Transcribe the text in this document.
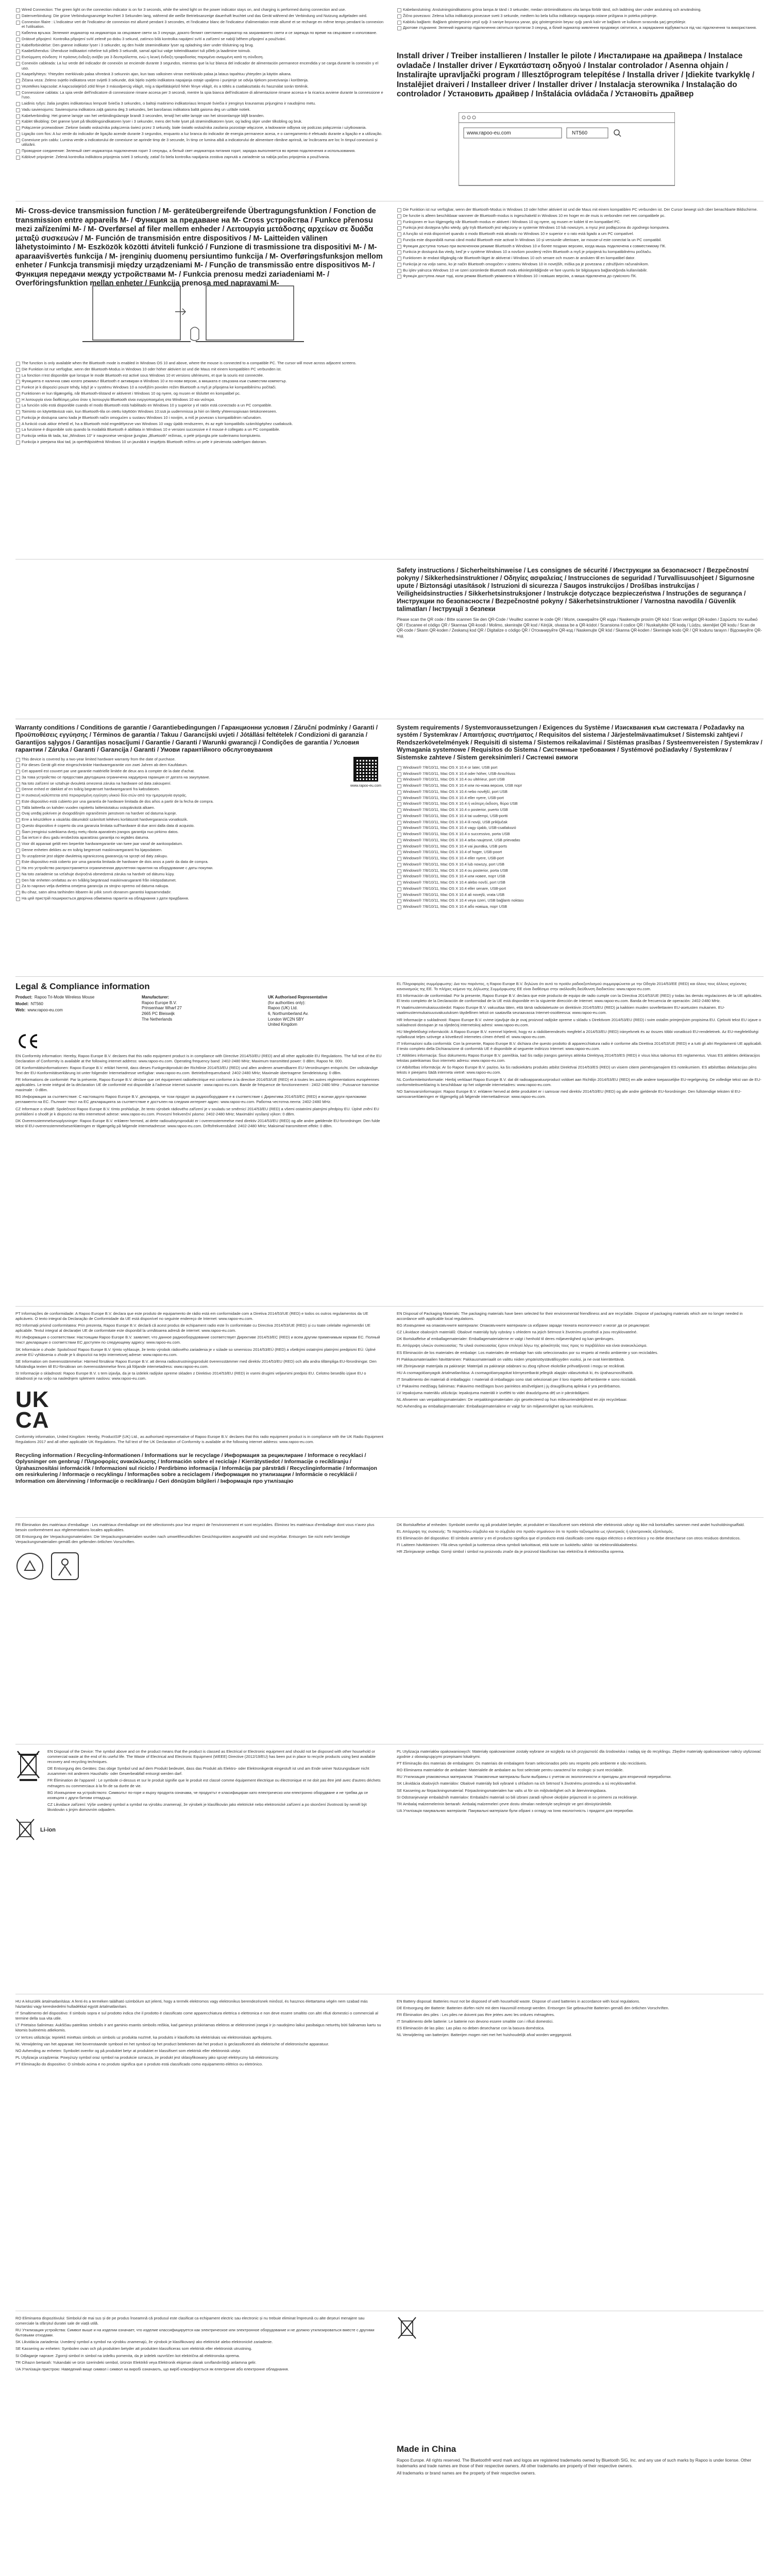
Wired Connection: The green light on the connection indicator is on for 3 seconds, while the wired light on the power indicator stays on, and charging is performed during connection and use.
Datenverbindung: Die grüne Verbindungsanzeige leuchtet 3 Sekunden lang, während die weiße Betriebsanzeige dauerhaft leuchtet und das Gerät während der Verbindung und Nutzung aufgeladen wird.
Connexion filaire : L'indicateur vert de l'indicateur de connexion est allumé pendant 3 secondes, et l'indicateur blanc de l'indicateur d'alimentation reste allumé et se recharge en même temps pendant la connexion et l'utilisation.
Кабелна връзка: Зеленият индикатор на индикатора за свързване свети за 3 секунди, докато белият светлинен индикатор на захранването свети и се зарежда по време на свързване и използване.
Drátové připojení: Kontrolka připojení svítí zeleně po dobu 3 sekund, zatímco bílá kontrolka napájení svítí a zařízení se nabíjí během připojení a používání.
Kabelforbindelse: Den grønne indikator lyser i 3 sekunder, og den hvide strømindikator lyser og opladning sker under tilslutning og brug.
Kaabelühendus: Ühenduse indikaatori roheline tuli põleb 3 sekundit, samal ajal kui valge toiteindikaatori tuli põleb ja laadimine toimub.
Ενσύρματη σύνδεση: Η πράσινη ένδειξη ανάβει για 3 δευτερόλεπτα, ενώ η λευκή ένδειξη τροφοδοσίας παραμένει αναμμένη κατά τη σύνδεση.
Conexión cableada: La luz verde del indicador de conexión se enciende durante 3 segundos, mientras que la luz blanca del indicador de alimentación permanece encendida y se carga durante la conexión y el uso.
Kaapeliyhteys: Yhteyden merkkivalo palaa vihreänä 3 sekunnin ajan, kun taas valkoinen virran merkkivalo palaa ja lataus tapahtuu yhteyden ja käytön aikana.
Žičana veza: Zeleno svjetlo indikatora veze svijetli 3 sekunde, dok bijelo svjetlo indikatora napajanja ostaje upaljeno i punjenje se odvija tijekom povezivanja i korištenja.
Vezetékes kapcsolat: A kapcsolatjelző zöld fénye 3 másodpercig világít, míg a tápellátásjelző fehér fénye világít, és a töltés a csatlakoztatás és használat során történik.
Connessione cablata: La spia verde dell'indicatore di connessione rimane accesa per 3 secondi, mentre la spia bianca dell'indicatore di alimentazione rimane accesa e la ricarica avviene durante la connessione e l'uso.
Laidinis ryšys: žalia jungties indikatoriaus lemputė šviečia 3 sekundes, o baltoji maitinimo indikatoriaus lemputė šviečia ir įrenginys kraunamas prijungimo ir naudojimo metu.
Vadu savienojums: Savienojuma indikatora zaļā gaisma deg 3 sekundes, bet barošanas indikatora baltā gaisma deg un uzlāde notiek.
Kabelverbinding: Het groene lampje van het verbindingslampje brandt 3 seconden, terwijl het witte lampje van het stroomlampje blijft branden.
Kablet tilkobling: Det grønne lyset på tilkoblingsindikatoren lyser i 3 sekunder, mens det hvite lyset på strømindikatoren lyser, og lading skjer under tilkobling og bruk.
Połączenie przewodowe: Zielone światło wskaźnika połączenia świeci przez 3 sekundy, białe światło wskaźnika zasilania pozostaje włączone, a ładowanie odbywa się podczas połączenia i użytkowania.
Ligação com fios: A luz verde do indicador de ligação acende durante 3 segundos, enquanto a luz branca do indicador de energia permanece acesa, e o carregamento é efetuado durante a ligação e a utilização.
Conexiune prin cablu: Lumina verde a indicatorului de conexiune se aprinde timp de 3 secunde, în timp ce lumina albă a indicatorului de alimentare rămâne aprinsă, iar încărcarea are loc în timpul conexiunii și utilizării.
Проводное соединение: Зеленый свет индикатора подключения горит 3 секунды, а белый свет индикатора питания горит, зарядка выполняется во время подключения и использования.
Káblové pripojenie: Zelená kontrolka indikátora pripojenia svieti 3 sekundy, zatiaľ čo biela kontrolka napájania zostáva zapnutá a zariadenie sa nabíja počas pripojenia a používania.
Kabelanslutning: Anslutningsindikatorns gröna lampa är tänd i 3 sekunder, medan strömindikatorns vita lampa förblir tänd, och laddning sker under anslutning och användning.
Žično povezavo: Zelena lučka indikatorja povezave sveti 3 sekunde, medtem ko bela lučka indikatorja napajanja ostane prižgana in poteka polnjenje.
Kablolu bağlantı: Bağlantı göstergesinin yeşil ışığı 3 saniye boyunca yanar, güç göstergesinin beyaz ışığı yanık kalır ve bağlantı ve kullanım sırasında şarj gerçekleşir.
Дротове з'єднання: Зелений індикатор підключення світиться протягом 3 секунд, а білий індикатор живлення продовжує світитися, а заряджання відбувається під час підключення та використання.
Install driver / Treiber installieren / Installer le pilote / Инсталиране на драйвера / Instalace ovladače / Installer driver / Εγκατάσταση οδηγού / Instalar controlador / Asenna ohjain / Instalirajte upravljački program / Illesztőprogram telepítése / Installa driver / Įdiekite tvarkyklę / Instalējiet draiveri / Installeer driver / Installer driver / Instalacja sterownika / Instalação do controlador / Установить драйвер / Inštalácia ovládača / Установіть драйвер
www.rapoo-eu.com	NT560
Mi- Cross-device transmission function / M- geräteübergreifende Übertragungsfunktion / Fonction de transmission entre appareils M- / Функция за предаване на M- Cross устройства / Funkce přenosu mezi zařízeními M- / M- Overførsel af filer mellem enheder / Λειτουργία μετάδοσης αρχείων σε δυάδα μεταξύ συσκευών / M- Función de transmisión entre dispositivos / M- Laitteiden välinen lähetystoiminto / M- Eszközök közötti átviteli funkció / Funzione di trasmissione tra dispositivi M- / M- aparaavišvertės funkcija / M- įrenginių duomenų persiuntimo funkcija / M- Overføringsfunksjon mellom enheter / Funkcja transmisji między urządzeniami M- / Função de transmissão entre dispositivos M- / Функция передачи между устройствами M- / Funkcia prenosu medzi zariadeniami M- / Overföringsfunktion mellan enheter / Funkcija prenosa med napravami M-
The function is only available when the Bluetooth mode is enabled in Windows OS 10 and above, where the mouse is connected to a compatible PC. The cursor will move across adjacent screens.
Die Funktion ist nur verfügbar, wenn der Bluetooth-Modus in Windows 10 oder höher aktiviert ist und die Maus mit einem kompatiblen PC verbunden ist.
La fonction n'est disponible que lorsque le mode Bluetooth est activé sous Windows 10 et versions ultérieures, et que la souris est connectée.
Функцията е налична само когато режимът Bluetooth е активиран в Windows 10 и по-нови версии, а мишката е свързана към съвместим компютър.
Funkce je k dispozici pouze tehdy, když je v systému Windows 10 a novějším povolen režim Bluetooth a myš je připojena ke kompatibilnímu počítači.
Funktionen er kun tilgængelig, når Bluetooth-tilstand er aktiveret i Windows 10 og nyere, og musen er tilsluttet en kompatibel pc.
Η λειτουργία είναι διαθέσιμη μόνο όταν η λειτουργία Bluetooth είναι ενεργοποιημένη στα Windows 10 και νεότερα.
La función sólo está disponible cuando el modo Bluetooth está habilitado en Windows 10 y superior y el ratón está conectado a un PC compatible.
Toiminto on käytettävissä vain, kun Bluetooth-tila on otettu käyttöön Windows 10:ssä ja uudemmissa ja hiiri on liitetty yhteensopivaan tietokoneeseen.
Funkcija je dostupna samo kada je Bluetooth način omogućen u sustavu Windows 10 i novijim, a miš je povezan s kompatibilnim računalom.
A funkció csak akkor érhető el, ha a Bluetooth mód engedélyezve van Windows 10 vagy újabb rendszeren, és az egér kompatibilis számítógéphez csatlakozik.
La funzione è disponibile solo quando la modalità Bluetooth è abilitata in Windows 10 e versioni successive e il mouse è collegato a un PC compatibile.
Funkcija veikia tik tada, kai „Windows 10“ ir naujesnėse versijose įjungtas „Bluetooth“ režimas, o pelė prijungta prie suderinamo kompiuterio.
Funkcija ir pieejama tikai tad, ja operētājsistēmā Windows 10 un jaunākā ir iespējots Bluetooth režīms un pele ir pievienota saderīgam datoram.
Die Funktion ist nur verfügbar, wenn der Bluetooth-Modus in Windows 10 oder höher aktiviert ist und die Maus mit einem kompatiblen PC verbunden ist. Der Cursor bewegt sich über benachbarte Bildschirme.
De functie is alleen beschikbaar wanneer de Bluetooth-modus is ingeschakeld in Windows 10 en hoger en de muis is verbonden met een compatibele pc.
Funksjonen er kun tilgjengelig når Bluetooth-modus er aktivert i Windows 10 og nyere, og musen er koblet til en kompatibel PC.
Funkcja jest dostępna tylko wtedy, gdy tryb Bluetooth jest włączony w systemie Windows 10 lub nowszym, a mysz jest podłączona do zgodnego komputera.
A função só está disponível quando o modo Bluetooth está ativado no Windows 10 e superior e o rato está ligado a um PC compatível.
Funcția este disponibilă numai când modul Bluetooth este activat în Windows 10 și versiunile ulterioare, iar mouse-ul este conectat la un PC compatibil.
Функция доступна только при включенном режиме Bluetooth в Windows 10 и более поздних версиях, когда мышь подключена к совместимому ПК.
Funkcia je dostupná iba vtedy, keď je v systéme Windows 10 a novšom povolený režim Bluetooth a myš je pripojená ku kompatibilnému počítaču.
Funktionen är endast tillgänglig när Bluetooth-läget är aktiverat i Windows 10 och senare och musen är ansluten till en kompatibel dator.
Funkcija je na voljo samo, ko je način Bluetooth omogočen v sistemu Windows 10 in novejših, miška pa je povezana z združljivim računalnikom.
Bu işlev yalnızca Windows 10 ve üzeri sürümlerde Bluetooth modu etkinleştirildiğinde ve fare uyumlu bir bilgisayara bağlandığında kullanılabilir.
Функція доступна лише тоді, коли режим Bluetooth увімкнено в Windows 10 і новіших версіях, а миша підключена до сумісного ПК.
Safety instructions / Sicherheitshinweise / Les consignes de sécurité / Инструкции за безопасност / Bezpečnostní pokyny / Sikkerhedsinstruktioner / Οδηγίες ασφαλείας / Instrucciones de seguridad / Turvallisuusohjeet / Sigurnosne upute / Biztonsági utasítások / Istruzioni di sicurezza / Saugos instrukcijos / Drošības instrukcijas / Veiligheidsinstructies / Sikkerhetsinstruksjoner / Instrukcje dotyczące bezpieczeństwa / Instruções de segurança / Инструкции по безопасности / Bezpečnostné pokyny / Säkerhetsinstruktioner / Varnostna navodila / Güvenlik talimatları / Інструкції з безпеки
Please scan the QR code / Bitte scannen Sie den QR-Code / Veuillez scanner le code QR / Моля, сканирайте QR кода / Naskenujte prosím QR kód / Scan venligst QR-koden / Σαρώστε τον κωδικό QR / Escanee el código QR / Skannaa QR-koodi / Molimo, skenirajte QR kod / Kérjük, olvassa be a QR-kódot / Scansiona il codice QR / Nuskaitykite QR kodą / Lūdzu, skenējiet QR kodu / Scan de QR-code / Skann QR-koden / Zeskanuj kod QR / Digitalize o código QR / Отсканируйте QR-код / Naskenujte QR kód / Skanna QR-koden / Skenirajte kodo QR / QR kodunu tarayın / Відскануйте QR-код
Warranty conditions / Conditions de garantie / Garantiebedingungen / Гаранционни условия / Záruční podmínky / Garanti / Προϋποθέσεις εγγύησης / Términos de garantía / Takuu / Garancijski uvjeti / Jótállási feltételek / Condizioni di garanzia / Garantijos sąlygos / Garantijas nosacījumi / Garantie / Garanti / Warunki gwarancji / Condições de garantia / Условия гарантии / Záruka / Garanti / Garancija / Garanti / Умови гарантійного обслуговування
This device is covered by a two-year limited hardware warranty from the date of purchase.
Für dieses Gerät gilt eine eingeschränkte Hardwaregarantie von zwei Jahren ab dem Kaufdatum.
Cet appareil est couvert par une garantie matérielle limitée de deux ans à compter de la date d'achat.
За това устройство се предоставя двугодишна ограничена хардуерна гаранция от датата на закупуване.
Na toto zařízení se vztahuje dvouletá omezená záruka na hardware od data zakoupení.
Denne enhed er dækket af en toårig begrænset hardwaregaranti fra købsdatoen.
Η συσκευή καλύπτεται από περιορισμένη εγγύηση υλικού δύο ετών από την ημερομηνία αγοράς.
Este dispositivo está cubierto por una garantía de hardware limitada de dos años a partir de la fecha de compra.
Tällä laitteella on kahden vuoden rajoitettu laitteistotakuu ostopäivästä alkaen.
Ovaj uređaj pokriven je dvogodišnjim ograničenim jamstvom na hardver od datuma kupnje.
Erre a készülékre a vásárlás dátumától számított kétéves korlátozott hardvergarancia vonatkozik.
Questo dispositivo è coperto da una garanzia limitata sull'hardware di due anni dalla data di acquisto.
Šiam įrenginiui suteikiama dvejų metų ribota aparatinės įrangos garantija nuo pirkimo datos.
Šai ierīcei ir divu gadu ierobežota aparatūras garantija no iegādes datuma.
Voor dit apparaat geldt een beperkte hardwaregarantie van twee jaar vanaf de aankoopdatum.
Denne enheten dekkes av en toårig begrenset maskinvaregaranti fra kjøpsdatoen.
To urządzenie jest objęte dwuletnią ograniczoną gwarancją na sprzęt od daty zakupu.
Este dispositivo está coberto por uma garantia limitada de hardware de dois anos a partir da data de compra.
На это устройство распространяется ограниченная двухлетняя гарантия на оборудование с даты покупки.
Na toto zariadenie sa vzťahuje dvojročná obmedzená záruka na hardvér od dátumu kúpy.
Den här enheten omfattas av en tvåårig begränsad maskinvarugaranti från inköpsdatumet.
Za to napravo velja dveletna omejena garancija za strojno opremo od datuma nakupa.
Bu cihaz, satın alma tarihinden itibaren iki yıllık sınırlı donanım garantisi kapsamındadır.
На цей пристрій поширюється дворічна обмежена гарантія на обладнання з дати придбання.
www.rapoo-eu.com
System requirements / Systemvoraussetzungen / Exigences du Système / Изисквания към системата / Požadavky na systém / Systemkrav / Απαιτήσεις συστήματος / Requisitos del sistema / Järjestelmävaatimukset / Sistemski zahtjevi / Rendszerkövetelmények / Requisiti di sistema / Sistemos reikalavimai / Sistēmas prasības / Systeemvereisten / Systemkrav / Wymagania systemowe / Requisitos do Sistema / Системные требования / Systémové požiadavky / Systemkrav / Sistemske zahteve / Sistem gereksinimleri / Системні вимоги
Windows® 7/8/10/11, Mac OS X 10.4 or later, USB port
Windows® 7/8/10/11, Mac OS X 10.4 oder höher, USB-Anschluss
Windows® 7/8/10/11, Mac OS X 10.4 ou ultérieur, port USB
Windows® 7/8/10/11, Mac OS X 10.4 или по-нова версия, USB порт
Windows® 7/8/10/11, Mac OS X 10.4 nebo novější, port USB
Windows® 7/8/10/11, Mac OS X 10.4 eller nyere, USB-port
Windows® 7/8/10/11, Mac OS X 10.4 ή νεότερη έκδοση, θύρα USB
Windows® 7/8/10/11, Mac OS X 10.4 o posterior, puerto USB
Windows® 7/8/10/11, Mac OS X 10.4 tai uudempi, USB-portti
Windows® 7/8/10/11, Mac OS X 10.4 ili noviji, USB priključak
Windows® 7/8/10/11, Mac OS X 10.4 vagy újabb, USB-csatlakozó
Windows® 7/8/10/11, Mac OS X 10.4 o successivo, porta USB
Windows® 7/8/10/11, Mac OS X 10.4 arba naujesnė, USB prievadas
Windows® 7/8/10/11, Mac OS X 10.4 vai jaunāka, USB ports
Windows® 7/8/10/11, Mac OS X 10.4 of hoger, USB-poort
Windows® 7/8/10/11, Mac OS X 10.4 eller nyere, USB-port
Windows® 7/8/10/11, Mac OS X 10.4 lub nowszy, port USB
Windows® 7/8/10/11, Mac OS X 10.4 ou posterior, porta USB
Windows® 7/8/10/11, Mac OS X 10.4 или новее, порт USB
Windows® 7/8/10/11, Mac OS X 10.4 alebo novší, port USB
Windows® 7/8/10/11, Mac OS X 10.4 eller senare, USB-port
Windows® 7/8/10/11, Mac OS X 10.4 ali novejši, vrata USB
Windows® 7/8/10/11, Mac OS X 10.4 veya üzeri, USB bağlantı noktası
Windows® 7/8/10/11, Mac OS X 10.4 або новіша, порт USB
Legal & Compliance information
Product: Rapoo Tri-Mode Wireless Mouse
Model: NT560
Web: www.rapoo-eu.com
Manufacturer:
Rapoo Europe B.V.
Prinsenhaar Wharf 27
2665 PC Bleiswijk
The Netherlands
UK Authorised Representative
(for authorities only):
Rapoo (UK) Ltd.
6, Northumberland Av.
London WC2N 5BY
United Kingdom
EN Conformity information: Hereby, Rapoo Europe B.V. declares that this radio equipment product is in compliance with Directive 2014/53/EU (RED) and all other applicable EU Regulations. The full text of the EU Declaration of Conformity is available at the following internet address: www.rapoo-eu.com. Operating frequency band: 2402-2480 MHz; Maximum transmitted power: 0 dBm; Rapoo Nr. 000.
DE Konformitätsinformationen: Rapoo Europe B.V. erklärt hiermit, dass dieses Funkgerätprodukt der Richtlinie 2014/53/EU (RED) und allen anderen anwendbaren EU-Verordnungen entspricht. Der vollständige Text der EU-Konformitätserklärung ist unter folgender Internetadresse verfügbar: www.rapoo-eu.com. Betriebsfrequenzband: 2402-2480 MHz; Maximale übertragene Sendeleistung: 0 dBm.
FR Informations de conformité: Par la présente, Rapoo Europe B.V. déclare que cet équipement radioélectrique est conforme à la directive 2014/53/UE (RED) et à toutes les autres réglementations européennes applicables. Le texte intégral de la déclaration UE de conformité est disponible à l'adresse internet suivante : www.rapoo-eu.com. Bande de fréquence de fonctionnement : 2402-2480 MHz ; Puissance transmise maximale : 0 dBm.
BG Информация за съответствие: С настоящото Rapoo Europe B.V. декларира, че този продукт за радиооборудване е в съответствие с Директива 2014/53/ЕС (RED) и всички други приложими регламенти на ЕС. Пълният текст на ЕС декларацията за съответствие е достъпен на следния интернет адрес: www.rapoo-eu.com. Работна честотна лента: 2402-2480 MHz.
CZ Informace o shodě: Společnost Rapoo Europe B.V. tímto prohlašuje, že tento výrobek rádiového zařízení je v souladu se směrnicí 2014/53/EU (RED) a všemi ostatními platnými předpisy EU. Úplné znění EU prohlášení o shodě je k dispozici na této internetové adrese: www.rapoo-eu.com. Provozní frekvenční pásmo: 2402-2480 MHz; Maximální vysílaný výkon: 0 dBm.
DK Overensstemmelsesoplysninger: Rapoo Europe B.V. erklærer hermed, at dette radioudstyrsprodukt er i overensstemmelse med direktiv 2014/53/EU (RED) og alle andre gældende EU-forordninger. Den fulde tekst til EU-overensstemmelseserklæringen er tilgængelig på følgende internetadresse: www.rapoo-eu.com. Driftsfrekvensbånd: 2402-2480 MHz; Maksimal transmitteret effekt: 0 dBm.
EL Πληροφορίες συμμόρφωσης: Δια του παρόντος, η Rapoo Europe B.V. δηλώνει ότι αυτό το προϊόν ραδιοεξοπλισμού συμμορφώνεται με την Οδηγία 2014/53/ΕΕ (RED) και όλους τους άλλους ισχύοντες κανονισμούς της ΕΕ. Το πλήρες κείμενο της Δήλωσης Συμμόρφωσης ΕΕ είναι διαθέσιμο στην ακόλουθη διεύθυνση διαδικτύου: www.rapoo-eu.com.
ES Información de conformidad: Por la presente, Rapoo Europe B.V. declara que este producto de equipo de radio cumple con la Directiva 2014/53/UE (RED) y todas las demás regulaciones de la UE aplicables. El texto completo de la Declaración de conformidad de la UE está disponible en la siguiente dirección de Internet: www.rapoo-eu.com. Banda de frecuencia de operación: 2402-2480 MHz.
FI Vaatimustenmukaisuustiedot: Rapoo Europe B.V. vakuuttaa täten, että tämä radiolaitetuote on direktiivin 2014/53/EU (RED) ja kaikkien muiden sovellettavien EU-asetusten mukainen. EU-vaatimustenmukaisuusvakuutuksen täydellinen teksti on saatavilla seuraavassa Internet-osoitteessa: www.rapoo-eu.com.
HR Informacije o sukladnosti: Rapoo Europe B.V. ovime izjavljuje da je ovaj proizvod radijske opreme u skladu s Direktivom 2014/53/EU (RED) i svim ostalim primjenjivim propisima EU. Cjeloviti tekst EU izjave o sukladnosti dostupan je na sljedećoj internetskoj adresi: www.rapoo-eu.com.
HU Megfelelőségi információk: A Rapoo Europe B.V. ezennel kijelenti, hogy ez a rádióberendezés megfelel a 2014/53/EU (RED) irányelvnek és az összes többi vonatkozó EU-rendeletnek. Az EU-megfelelőségi nyilatkozat teljes szövege a következő internetes címen érhető el: www.rapoo-eu.com.
IT Informazioni sulla conformità: Con la presente, Rapoo Europe B.V. dichiara che questo prodotto di apparecchiatura radio è conforme alla Direttiva 2014/53/UE (RED) e a tutti gli altri Regolamenti UE applicabili. Il testo completo della Dichiarazione di conformità UE è disponibile al seguente indirizzo Internet: www.rapoo-eu.com.
LT Atitikties informacija: Šiuo dokumentu Rapoo Europe B.V. pareiškia, kad šis radijo įrangos gaminys atitinka Direktyvą 2014/53/ES (RED) ir visus kitus taikomus ES reglamentus. Visas ES atitikties deklaracijos tekstas pateikiamas šiuo interneto adresu: www.rapoo-eu.com.
LV Atbilstības informācija: Ar šo Rapoo Europe B.V. paziņo, ka šis radioiekārtu produkts atbilst Direktīvai 2014/53/ES (RED) un visiem citiem piemērojamajiem ES noteikumiem. ES atbilstības deklarācijas pilns teksts ir pieejams šādā interneta vietnē: www.rapoo-eu.com.
NL Conformiteitsinformatie: Hierbij verklaart Rapoo Europe B.V. dat dit radioapparatuurproduct voldoet aan Richtlijn 2014/53/EU (RED) en alle andere toepasselijke EU-regelgeving. De volledige tekst van de EU-conformiteitsverklaring is beschikbaar op het volgende internetadres: www.rapoo-eu.com.
NO Samsvarsinformasjon: Rapoo Europe B.V. erklærer herved at dette produktet er i samsvar med direktiv 2014/53/EU (RED) og alle andre gjeldende EU-forordninger. Den fullstendige teksten til EU-samsvarserklæringen er tilgjengelig på følgende internettadresse: www.rapoo-eu.com.
PT Informações de conformidade: A Rapoo Europe B.V. declara que este produto de equipamento de rádio está em conformidade com a Diretiva 2014/53/UE (RED) e todos os outros regulamentos da UE aplicáveis. O texto integral da Declaração de Conformidade da UE está disponível no seguinte endereço de Internet: www.rapoo-eu.com.
RO Informații privind conformitatea: Prin prezenta, Rapoo Europe B.V. declară că acest produs de echipament radio este în conformitate cu Directiva 2014/53/UE (RED) și cu toate celelalte reglementări UE aplicabile. Textul integral al declarației UE de conformitate este disponibil la următoarea adresă de internet: www.rapoo-eu.com.
RU Информация о соответствии: Настоящим Rapoo Europe B.V. заявляет, что данное радиооборудование соответствует Директиве 2014/53/ЕС (RED) и всем другим применимым нормам ЕС. Полный текст декларации о соответствии ЕС доступен по следующему адресу: www.rapoo-eu.com.
SK Informácie o zhode: Spoločnosť Rapoo Europe B.V. týmto vyhlasuje, že tento výrobok rádiového zariadenia je v súlade so smernicou 2014/53/EÚ (RED) a všetkými ostatnými platnými predpismi EÚ. Úplné znenie EÚ vyhlásenia o zhode je k dispozícii na tejto internetovej adrese: www.rapoo-eu.com.
SE Information om överensstämmelse: Härmed försäkrar Rapoo Europe B.V. att denna radioutrustningsprodukt överensstämmer med direktiv 2014/53/EU (RED) och alla andra tillämpliga EU-förordningar. Den fullständiga texten till EU-försäkran om överensstämmelse finns på följande internetadress: www.rapoo-eu.com.
SI Informacije o skladnosti: Rapoo Europe B.V. s tem izjavlja, da je ta izdelek radijske opreme skladen z Direktivo 2014/53/EU (RED) in vsemi drugimi veljavnimi predpisi EU. Celotno besedilo izjave EU o skladnosti je na voljo na naslednjem spletnem naslovu: www.rapoo-eu.com.
UK CA
Conformity information, United Kingdom: Hereby, ProductSIP (UK) Ltd., as authorised representative of Rapoo Europe B.V. declares that this radio equipment product is in compliance with the UK Radio Equipment Regulations 2017 and all other applicable UK Regulations. The full text of the UK Declaration of Conformity is available at the following internet address: www.rapoo-eu.com.
Recycling information / Recycling-Informationen / Informations sur le recyclage / Информация за рециклиране / Informace o recyklaci / Oplysninger om genbrug / Πληροφορίες ανακύκλωσης / Información sobre el reciclaje / Kierrätystiedot / Informacije o recikliranju / Újrahasznosítási információk / Informazioni sul riciclo / Perdirbimo informacija / Informācija par pārstrādi / Recyclinginformatie / Informasjon om resirkulering / Informacje o recyklingu / Informações sobre a reciclagem / Информация по утилизации / Informácie o recyklácii / Information om återvinning / Informacije o recikliranju / Geri dönüşüm bilgileri / Інформація про утилізацію
EN Disposal of Packaging Materials: The packaging materials have been selected for their environmental friendliness and are recyclable. Dispose of packaging materials which are no longer needed in accordance with applicable local regulations.
BG Изхвърляне на опаковъчните материали: Опаковъчните материали са избрани заради тяхната екологичност и могат да се рециклират.
CZ Likvidace obalových materiálů: Obalové materiály byly vybrány s ohledem na jejich šetrnost k životnímu prostředí a jsou recyklovatelné.
DK Bortskaffelse af emballagematerialer: Emballagematerialerne er valgt i henhold til deres miljøvenlighed og kan genbruges.
EL Απόρριψη υλικών συσκευασίας: Τα υλικά συσκευασίας έχουν επιλεγεί λόγω της φιλικότητάς τους προς το περιβάλλον και είναι ανακυκλώσιμα.
ES Eliminación de los materiales de embalaje: Los materiales de embalaje han sido seleccionados por su respeto al medio ambiente y son reciclables.
FI Pakkausmateriaalien hävittäminen: Pakkausmateriaalit on valittu niiden ympäristöystävällisyyden vuoksi, ja ne ovat kierrätettäviä.
HR Zbrinjavanje materijala za pakiranje: Materijali za pakiranje odabrani su zbog njihove ekološke prihvatljivosti i mogu se reciklirati.
HU A csomagolóanyagok ártalmatlanítása: A csomagolóanyagokat környezetbarát jellegük alapján választottuk ki, és újrahasznosíthatók.
IT Smaltimento dei materiali di imballaggio: I materiali di imballaggio sono stati selezionati per il loro rispetto dell'ambiente e sono riciclabili.
LT Pakavimo medžiagų šalinimas: Pakavimo medžiagos buvo parinktos atsižvelgiant į jų draugiškumą aplinkai ir yra perdirbamos.
LV Iepakojuma materiālu utilizācija: Iepakojuma materiāli ir izvēlēti to videi draudzīguma dēļ un ir pārstrādājami.
NL Afvoeren van verpakkingsmaterialen: De verpakkingsmaterialen zijn geselecteerd op hun milieuvriendelijkheid en zijn recyclebaar.
NO Avhending av emballasjematerialer: Emballasjematerialene er valgt for sin miljøvennlighet og kan resirkuleres.
FR Élimination des matériaux d'emballage : Les matériaux d'emballage ont été sélectionnés pour leur respect de l'environnement et sont recyclables. Éliminez les matériaux d'emballage dont vous n'avez plus besoin conformément aux réglementations locales applicables.
DE Entsorgung der Verpackungsmaterialien: Die Verpackungsmaterialien wurden nach umweltfreundlichen Gesichtspunkten ausgewählt und sind recyclebar. Entsorgen Sie nicht mehr benötigte Verpackungsmaterialien gemäß den geltenden örtlichen Vorschriften.
DK Bortskaffelse af enheden: Symbolet ovenfor og på produktet betyder, at produktet er klassificeret som elektrisk eller elektronisk udstyr og ikke må bortskaffes sammen med andet husholdningsaffald.
EL Απόρριψη της συσκευής: Το παραπάνω σύμβολο και το σύμβολο στο προϊόν σημαίνουν ότι το προϊόν ταξινομείται ως ηλεκτρικός ή ηλεκτρονικός εξοπλισμός.
ES Eliminación del dispositivo: El símbolo anterior y en el producto significa que el producto está clasificado como equipo eléctrico o electrónico y no debe desecharse con otros residuos domésticos.
FI Laitteen hävittäminen: Yllä oleva symboli ja tuotteessa oleva symboli tarkoittavat, että tuote on luokiteltu sähkö- tai elektroniikkalaitteeksi.
HR Zbrinjavanje uređaja: Gornji simbol i simbol na proizvodu znače da je proizvod klasificiran kao električna ili elektronička oprema.
EN Disposal of the Device: The symbol above and on the product means that the product is classed as Electrical or Electronic equipment and should not be disposed with other household or commercial waste at the end of its useful life. The Waste of Electrical and Electronic Equipment (WEEE) Directive (2012/19/EU) has been put in place to recycle products using best available recovery and recycling techniques.
DE Entsorgung des Gerätes: Das obige Symbol und auf dem Produkt bedeutet, dass das Produkt als Elektro- oder Elektronikgerät eingestuft ist und am Ende seiner Nutzungsdauer nicht zusammen mit anderem Haushalts- oder Gewerbeabfall entsorgt werden darf.
FR Élimination de l'appareil : Le symbole ci-dessus et sur le produit signifie que le produit est classé comme équipement électrique ou électronique et ne doit pas être jeté avec d'autres déchets ménagers ou commerciaux à la fin de sa durée de vie.
BG Изхвърляне на устройството: Символът по-горе и върху продукта означава, че продуктът е класифициран като електрическо или електронно оборудване и не трябва да се изхвърля с други битови отпадъци.
CZ Likvidace zařízení: Výše uvedený symbol a symbol na výrobku znamenají, že výrobek je klasifikován jako elektrické nebo elektronické zařízení a po skončení životnosti by neměl být likvidován s jiným domovním odpadem.
Li-ion
PL Utylizacja materiałów opakowaniowych: Materiały opakowaniowe zostały wybrane ze względu na ich przyjazność dla środowiska i nadają się do recyklingu. Zbędne materiały opakowaniowe należy utylizować zgodnie z obowiązującymi przepisami lokalnymi.
PT Eliminação dos materiais de embalagem: Os materiais de embalagem foram selecionados pelo seu respeito pelo ambiente e são recicláveis.
RO Eliminarea materialelor de ambalare: Materialele de ambalare au fost selectate pentru caracterul lor ecologic și sunt reciclabile.
RU Утилизация упаковочных материалов: Упаковочные материалы были выбраны с учетом их экологичности и пригодны для вторичной переработки.
SK Likvidácia obalových materiálov: Obalové materiály boli vybrané s ohľadom na ich šetrnosť k životnému prostrediu a sú recyklovateľné.
SE Kassering av förpackningsmaterial: Förpackningsmaterialen har valts ut för sin miljövänlighet och är återvinningsbara.
SI Odstranjevanje embalažnih materialov: Embalažni materiali so bili izbrani zaradi njihove okoljske prijaznosti in so primerni za recikliranje.
TR Ambalaj malzemelerinin bertarafı: Ambalaj malzemeleri çevre dostu olmaları nedeniyle seçilmiştir ve geri dönüştürülebilir.
UA Утилізація пакувальних матеріалів: Пакувальні матеріали були обрані з огляду на їхню екологічність і придатні для переробки.
HU A készülék ártalmatlanítása: A fenti és a terméken található szimbólum azt jelenti, hogy a termék elektromos vagy elektronikus berendezésnek minősül, és hasznos élettartama végén nem szabad más háztartási vagy kereskedelmi hulladékkal együtt ártalmatlanítani.
IT Smaltimento del dispositivo: Il simbolo sopra e sul prodotto indica che il prodotto è classificato come apparecchiatura elettrica o elettronica e non deve essere smaltito con altri rifiuti domestici o commerciali al termine della sua vita utile.
LT Prietaiso šalinimas: Aukščiau pateiktas simbolis ir ant gaminio esantis simbolis reiškia, kad gaminys priskiriamas elektros ar elektroninei įrangai ir jo naudojimo laikui pasibaigus neturėtų būti šalinamas kartu su kitomis buitinėmis atliekomis.
LV Ierīces utilizācija: Iepriekš minētais simbols un simbols uz produkta nozīmē, ka produkts ir klasificēts kā elektriskais vai elektroniskais aprīkojums.
NL Verwijdering van het apparaat: Het bovenstaande symbool en het symbool op het product betekenen dat het product is geclassificeerd als elektrische of elektronische apparatuur.
NO Avhending av enheten: Symbolet ovenfor og på produktet betyr at produktet er klassifisert som elektrisk eller elektronisk utstyr.
PL Utylizacja urządzenia: Powyższy symbol oraz symbol na produkcie oznacza, że produkt jest sklasyfikowany jako sprzęt elektryczny lub elektroniczny.
PT Eliminação do dispositivo: O símbolo acima e no produto significa que o produto está classificado como equipamento elétrico ou eletrónico.
EN Battery disposal: Batteries must not be disposed of with household waste. Dispose of used batteries in accordance with local regulations.
DE Entsorgung der Batterie: Batterien dürfen nicht mit dem Hausmüll entsorgt werden. Entsorgen Sie gebrauchte Batterien gemäß den örtlichen Vorschriften.
FR Élimination des piles : Les piles ne doivent pas être jetées avec les ordures ménagères.
IT Smaltimento delle batterie: Le batterie non devono essere smaltite con i rifiuti domestici.
ES Eliminación de las pilas: Las pilas no deben desecharse con la basura doméstica.
NL Verwijdering van batterijen: Batterijen mogen niet met het huishoudelijk afval worden weggegooid.
RO Eliminarea dispozitivului: Simbolul de mai sus și de pe produs înseamnă că produsul este clasificat ca echipament electric sau electronic și nu trebuie eliminat împreună cu alte deșeuri menajere sau comerciale la sfârșitul duratei sale de viață utilă.
RU Утилизация устройства: Символ выше и на изделии означает, что изделие классифицируется как электрическое или электронное оборудование и не должно утилизироваться вместе с другими бытовыми отходами.
SK Likvidácia zariadenia: Uvedený symbol a symbol na výrobku znamenajú, že výrobok je klasifikovaný ako elektrické alebo elektronické zariadenie.
SE Kassering av enheten: Symbolen ovan och på produkten betyder att produkten klassificeras som elektrisk eller elektronisk utrustning.
SI Odlaganje naprave: Zgornji simbol in simbol na izdelku pomenita, da je izdelek razvrščen kot električna ali elektronska oprema.
TR Cihazın bertarafı: Yukarıdaki ve ürün üzerindeki sembol, ürünün Elektrikli veya Elektronik ekipman olarak sınıflandırıldığı anlamına gelir.
UA Утилізація пристрою: Наведений вище символ і символ на виробі означають, що виріб класифікується як електричне або електронне обладнання.
Made in China
Rapoo Europe. All rights reserved. The Bluetooth® word mark and logos are registered trademarks owned by Bluetooth SIG, Inc. and any use of such marks by Rapoo is under license. Other trademarks and trade names are those of their respective owners. All other trademarks are property of their respective owners.
All trademarks or brand names are the property of their respective owners.
